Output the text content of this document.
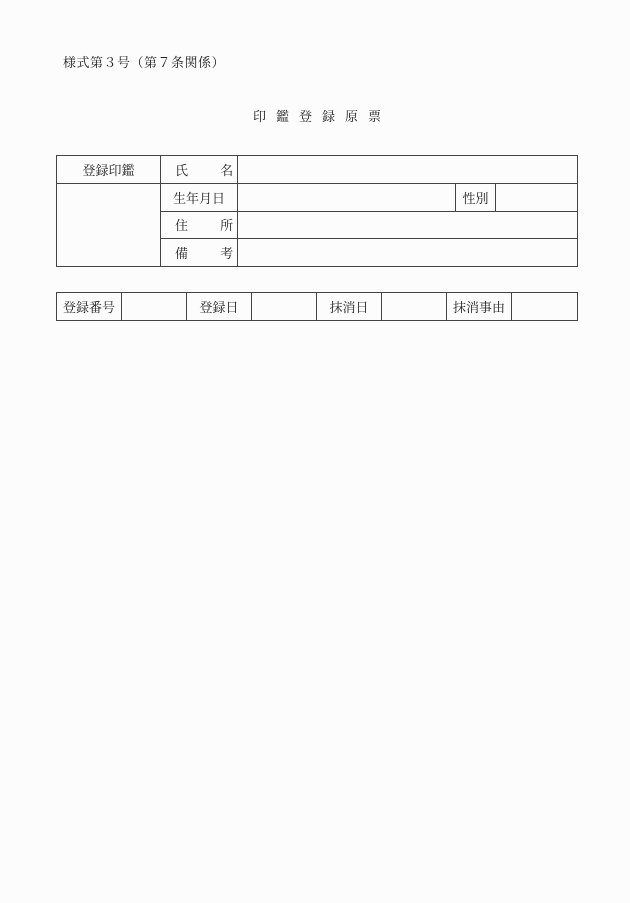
様式第３号（第７条関係）
印鑑登録原票
登録印鑑	氏 名			
	生年月日		性別	
	住 所			
	備 考			
登録番号		登録日		抹消日		抹消事由	
